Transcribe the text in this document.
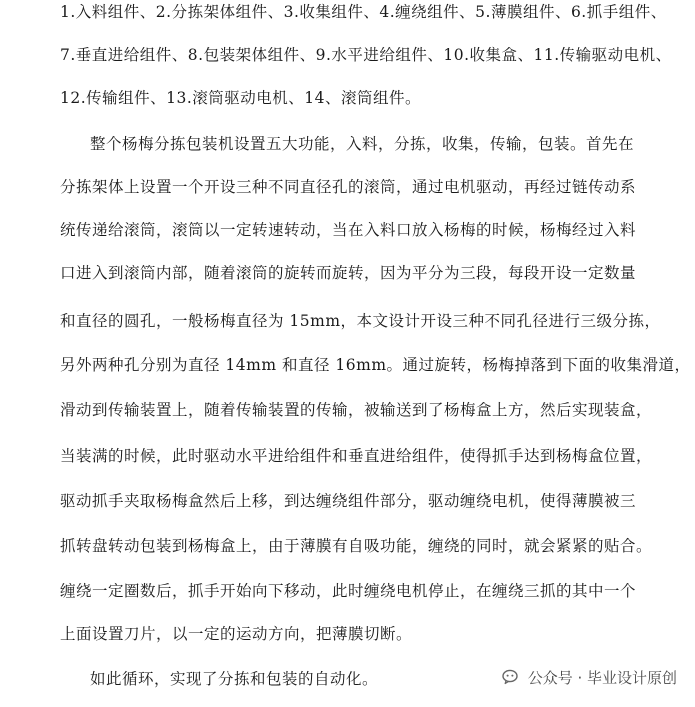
1.入料组件、2.分拣架体组件、3.收集组件、4.缠绕组件、5.薄膜组件、6.抓手组件、
7.垂直进给组件、8.包装架体组件、9.水平进给组件、10.收集盒、11.传输驱动电机、
12.传输组件、13.滚筒驱动电机、14、滚筒组件。
整个杨梅分拣包装机设置五大功能，入料，分拣，收集，传输，包装。首先在
分拣架体上设置一个开设三种不同直径孔的滚筒，通过电机驱动，再经过链传动系
统传递给滚筒，滚筒以一定转速转动，当在入料口放入杨梅的时候，杨梅经过入料
口进入到滚筒内部，随着滚筒的旋转而旋转，因为平分为三段，每段开设一定数量
和直径的圆孔，一般杨梅直径为 15mm，本文设计开设三种不同孔径进行三级分拣，
另外两种孔分别为直径 14mm 和直径 16mm。通过旋转，杨梅掉落到下面的收集滑道，
滑动到传输装置上，随着传输装置的传输，被输送到了杨梅盒上方，然后实现装盒，
当装满的时候，此时驱动水平进给组件和垂直进给组件，使得抓手达到杨梅盒位置，
驱动抓手夹取杨梅盒然后上移，到达缠绕组件部分，驱动缠绕电机，使得薄膜被三
抓转盘转动包装到杨梅盒上，由于薄膜有自吸功能，缠绕的同时，就会紧紧的贴合。
缠绕一定圈数后，抓手开始向下移动，此时缠绕电机停止，在缠绕三抓的其中一个
上面设置刀片，以一定的运动方向，把薄膜切断。
如此循环，实现了分拣和包装的自动化。	公众号 · 毕业设计原创
